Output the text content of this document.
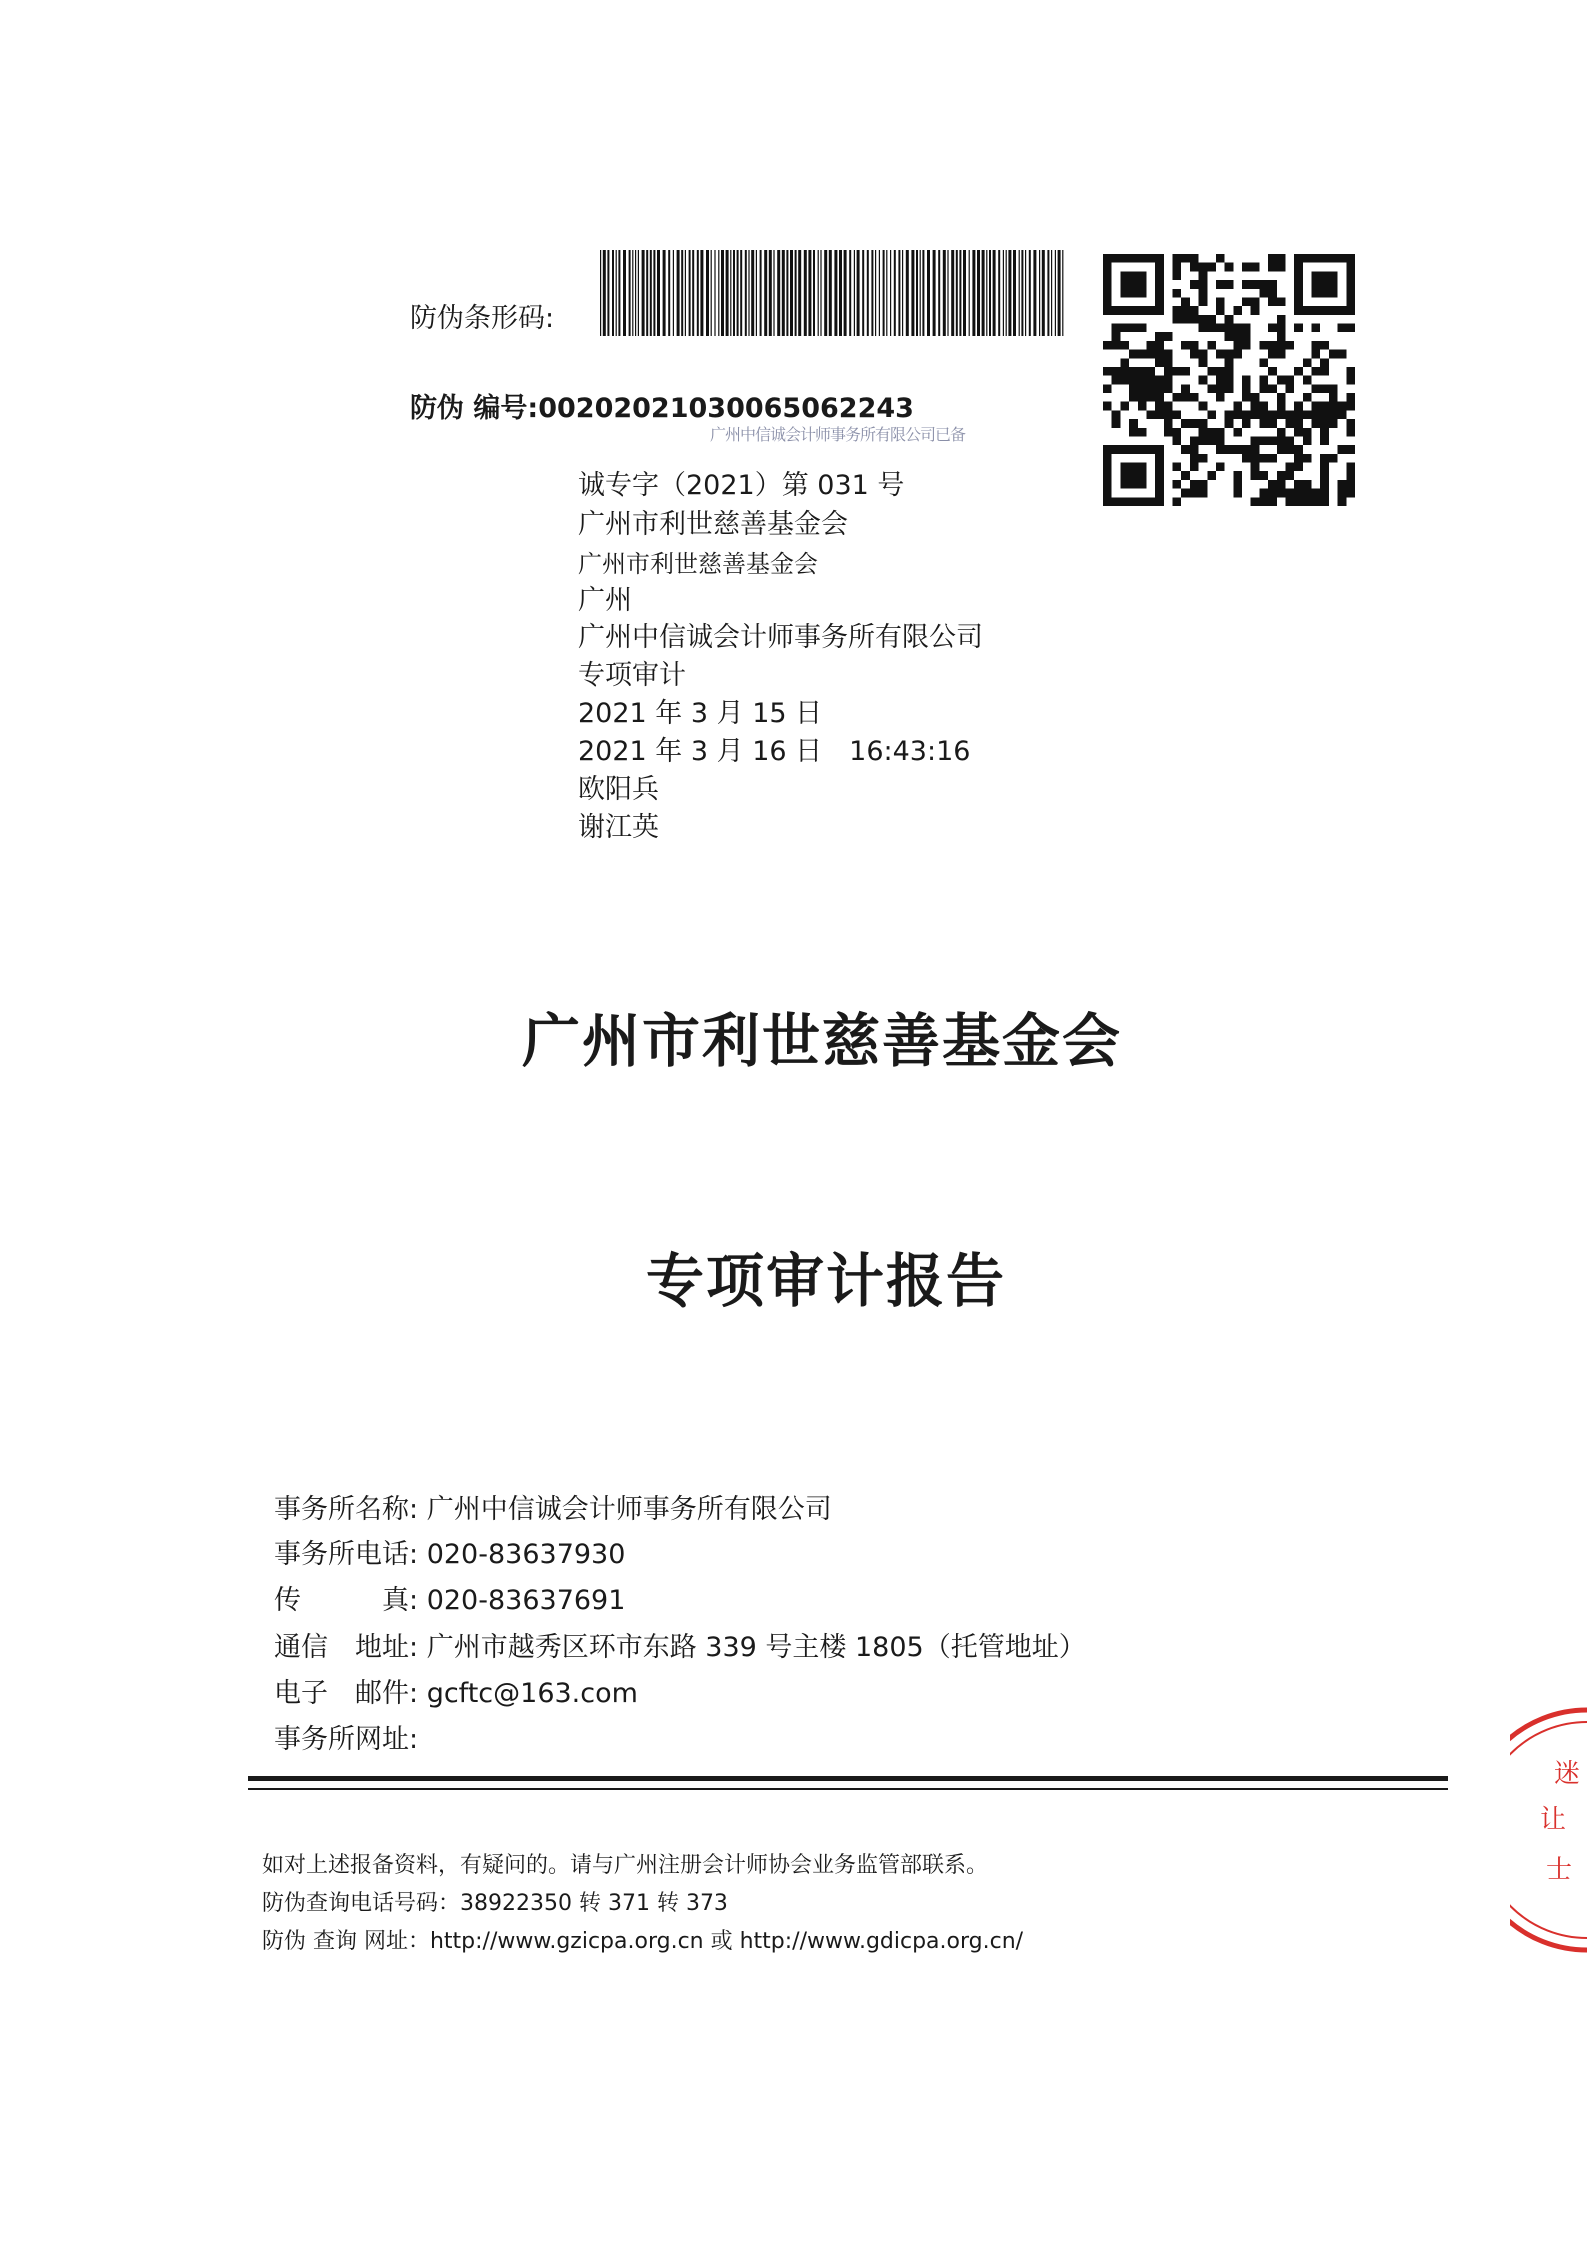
防伪条形码:
防伪 编号:00202021030065062243
广州中信诚会计师事务所有限公司已备
诚专字（2021）第 031 号
广州市利世慈善基金会
广州市利世慈善基金会
广州
广州中信诚会计师事务所有限公司
专项审计
2021 年 3 月 15 日
2021 年 3 月 16 日　16:43:16
欧阳兵
谢江英
广州市利世慈善基金会
专项审计报告
事务所名称: 广州中信诚会计师事务所有限公司
事务所电话: 020-83637930
传　　　真: 020-83637691
通信　地址: 广州市越秀区环市东路 339 号主楼 1805（托管地址）
电子　邮件: gcftc@163.com
事务所网址:
如对上述报备资料，有疑问的。请与广州注册会计师协会业务监管部联系。
防伪查询电话号码：38922350 转 371 转 373
防伪 查询 网址：http://www.gzicpa.org.cn 或 http://www.gdicpa.org.cn/
迷
让
士
